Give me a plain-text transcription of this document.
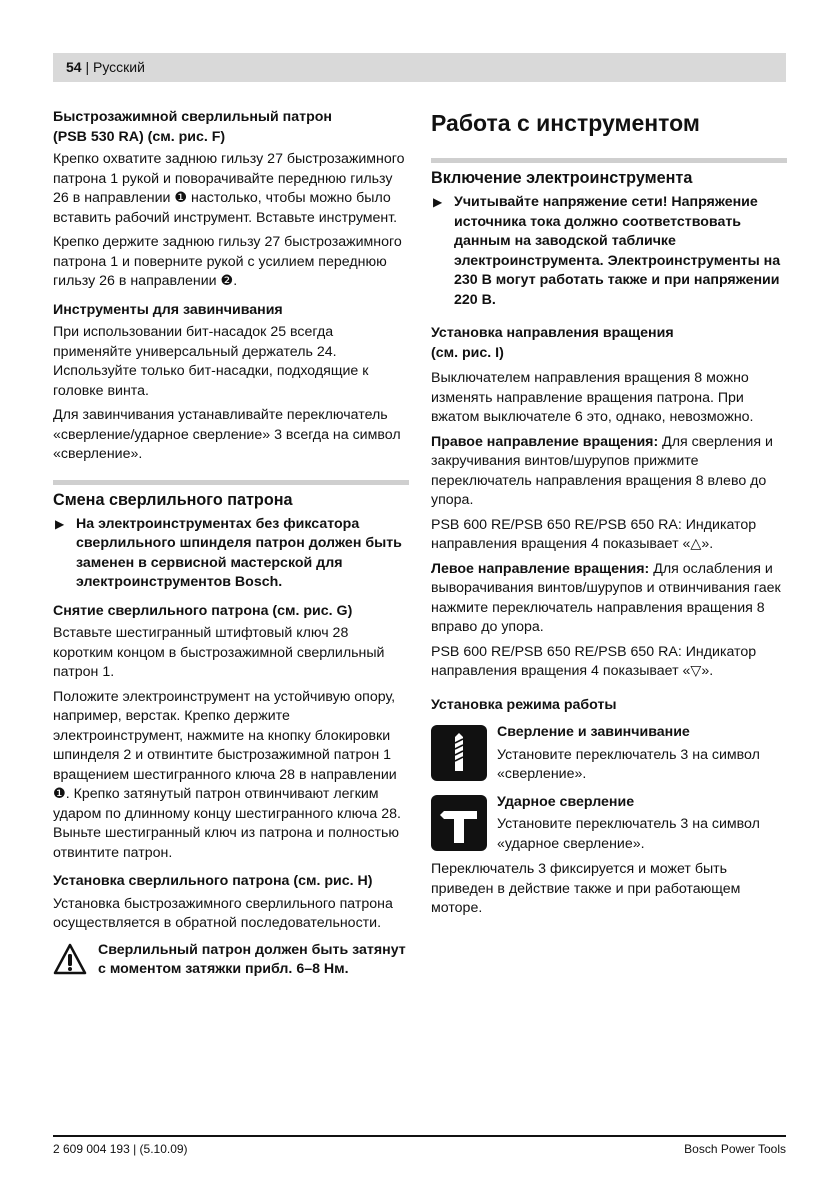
54 | Русский
Быстрозажимной сверлильный патрон
(PSB 530 RA) (см. рис. F)

Крепко охватите заднюю гильзу 27 быстрозажимного патрона 1 рукой и поворачивайте переднюю гильзу 26 в направлении ❶ настолько, чтобы можно было вставить рабочий инструмент. Вставьте инструмент.

Крепко держите заднюю гильзу 27 быстрозажимного патрона 1 и поверните рукой с усилием переднюю гильзу 26 в направлении ❷.

Инструменты для завинчивания

При использовании бит-насадок 25 всегда применяйте универсальный держатель 24. Используйте только бит-насадки, подходящие к головке винта.

Для завинчивания устанавливайте переключатель «сверление/ударное сверление» 3 всегда на символ «сверление».

Смена сверлильного патрона
▶ На электроинструментах без фиксатора сверлильного шпинделя патрон должен быть заменен в сервисной мастерской для электроинструментов Bosch.
Снятие сверлильного патрона (см. рис. G)

Вставьте шестигранный штифтовый ключ 28 коротким концом в быстрозажимной сверлильный патрон 1.

Положите электроинструмент на устойчивую опору, например, верстак. Крепко держите электроинструмент, нажмите на кнопку блокировки шпинделя 2 и отвинтите быстрозажимной патрон 1 вращением шестигранного ключа 28 в направлении ❶. Крепко затянутый патрон отвинчивают легким ударом по длинному концу шестигранного ключа 28. Выньте шестигранный ключ из патрона и полностью отвинтите патрон.

Установка сверлильного патрона (см. рис. H)

Установка быстрозажимного сверлильного патрона осуществляется в обратной последовательности.

Сверлильный патрон должен быть затянут с моментом затяжки прибл. 6–8 Нм.
Работа с инструментом
Включение электроинструмента
▶ Учитывайте напряжение сети! Напряжение источника тока должно соответствовать данным на заводской табличке электроинструмента. Электроинструменты на 230 В могут работать также и при напряжении 220 В.
Установка направления вращения
(см. рис. I)

Выключателем направления вращения 8 можно изменять направление вращения патрона. При вжатом выключателе 6 это, однако, невозможно.

Правое направление вращения: Для сверления и закручивания винтов/шурупов прижмите переключатель направления вращения 8 влево до упора.

PSB 600 RE/PSB 650 RE/PSB 650 RA: Индикатор направления вращения 4 показывает «△».

Левое направление вращения: Для ослабления и выворачивания винтов/шурупов и отвинчивания гаек нажмите переключатель направления вращения 8 вправо до упора.

PSB 600 RE/PSB 650 RE/PSB 650 RA: Индикатор направления вращения 4 показывает «▽».

Установка режима работы
Сверление и завинчивание
Установите переключатель 3 на символ «сверление».
Ударное сверление
Установите переключатель 3 на символ «ударное сверление».

Переключатель 3 фиксируется и может быть приведен в действие также и при работающем моторе.

2 609 004 193 | (5.10.09)	Bosch Power Tools
